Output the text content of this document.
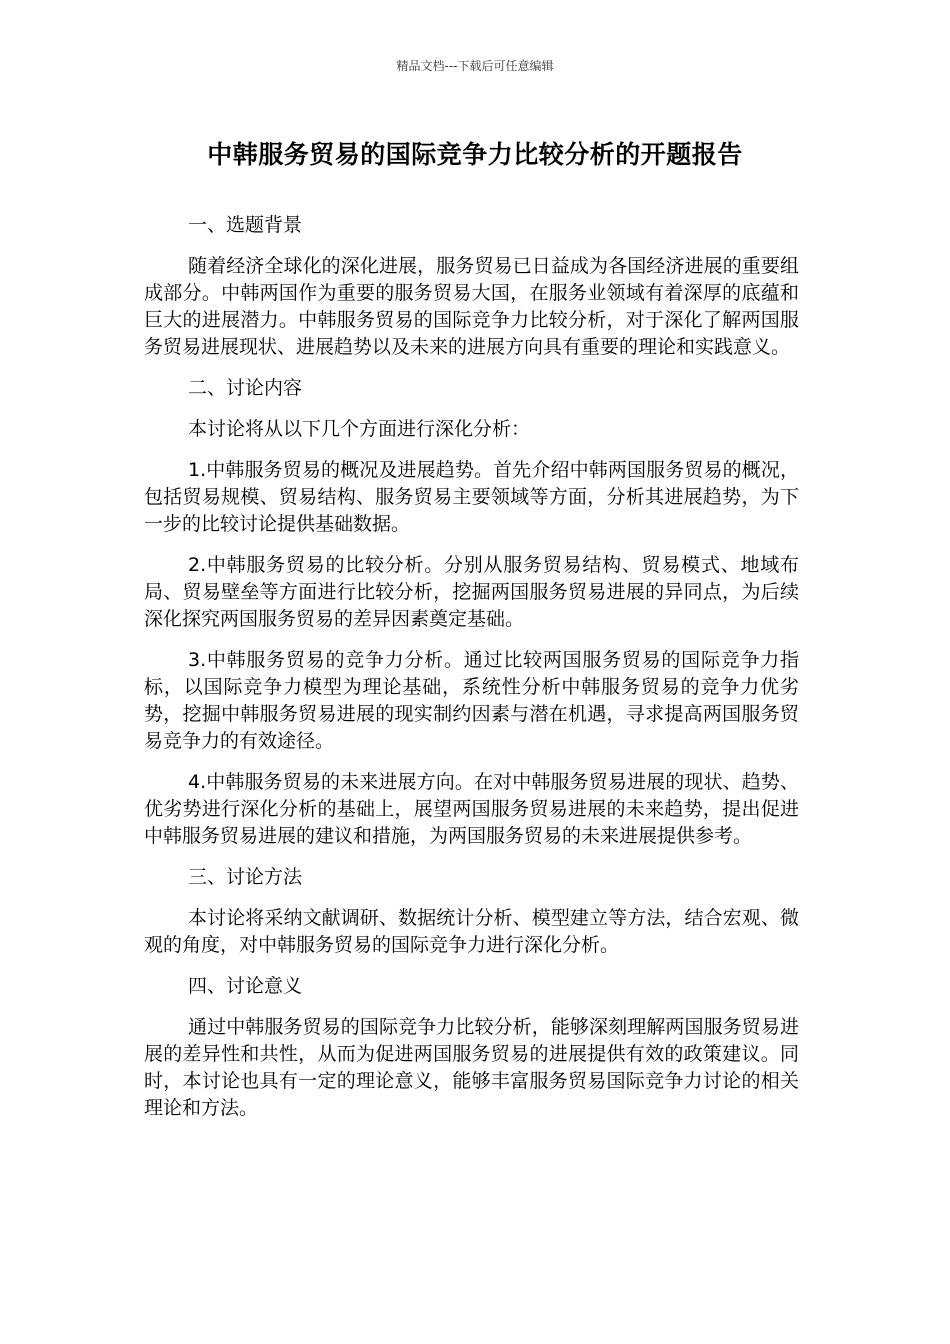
精品文档---下载后可任意编辑
中韩服务贸易的国际竞争力比较分析的开题报告

一、选题背景

随着经济全球化的深化进展，服务贸易已日益成为各国经济进展的重要组成部分。中韩两国作为重要的服务贸易大国，在服务业领域有着深厚的底蕴和巨大的进展潜力。中韩服务贸易的国际竞争力比较分析，对于深化了解两国服务贸易进展现状、进展趋势以及未来的进展方向具有重要的理论和实践意义。

二、讨论内容

本讨论将从以下几个方面进行深化分析：

1.中韩服务贸易的概况及进展趋势。首先介绍中韩两国服务贸易的概况，包括贸易规模、贸易结构、服务贸易主要领域等方面，分析其进展趋势，为下一步的比较讨论提供基础数据。

2.中韩服务贸易的比较分析。分别从服务贸易结构、贸易模式、地域布局、贸易壁垒等方面进行比较分析，挖掘两国服务贸易进展的异同点，为后续深化探究两国服务贸易的差异因素奠定基础。

3.中韩服务贸易的竞争力分析。通过比较两国服务贸易的国际竞争力指标，以国际竞争力模型为理论基础，系统性分析中韩服务贸易的竞争力优劣势，挖掘中韩服务贸易进展的现实制约因素与潜在机遇，寻求提高两国服务贸易竞争力的有效途径。

4.中韩服务贸易的未来进展方向。在对中韩服务贸易进展的现状、趋势、优劣势进行深化分析的基础上，展望两国服务贸易进展的未来趋势，提出促进中韩服务贸易进展的建议和措施，为两国服务贸易的未来进展提供参考。

三、讨论方法

本讨论将采纳文献调研、数据统计分析、模型建立等方法，结合宏观、微观的角度，对中韩服务贸易的国际竞争力进行深化分析。

四、讨论意义

通过中韩服务贸易的国际竞争力比较分析，能够深刻理解两国服务贸易进展的差异性和共性，从而为促进两国服务贸易的进展提供有效的政策建议。同时，本讨论也具有一定的理论意义，能够丰富服务贸易国际竞争力讨论的相关理论和方法。
